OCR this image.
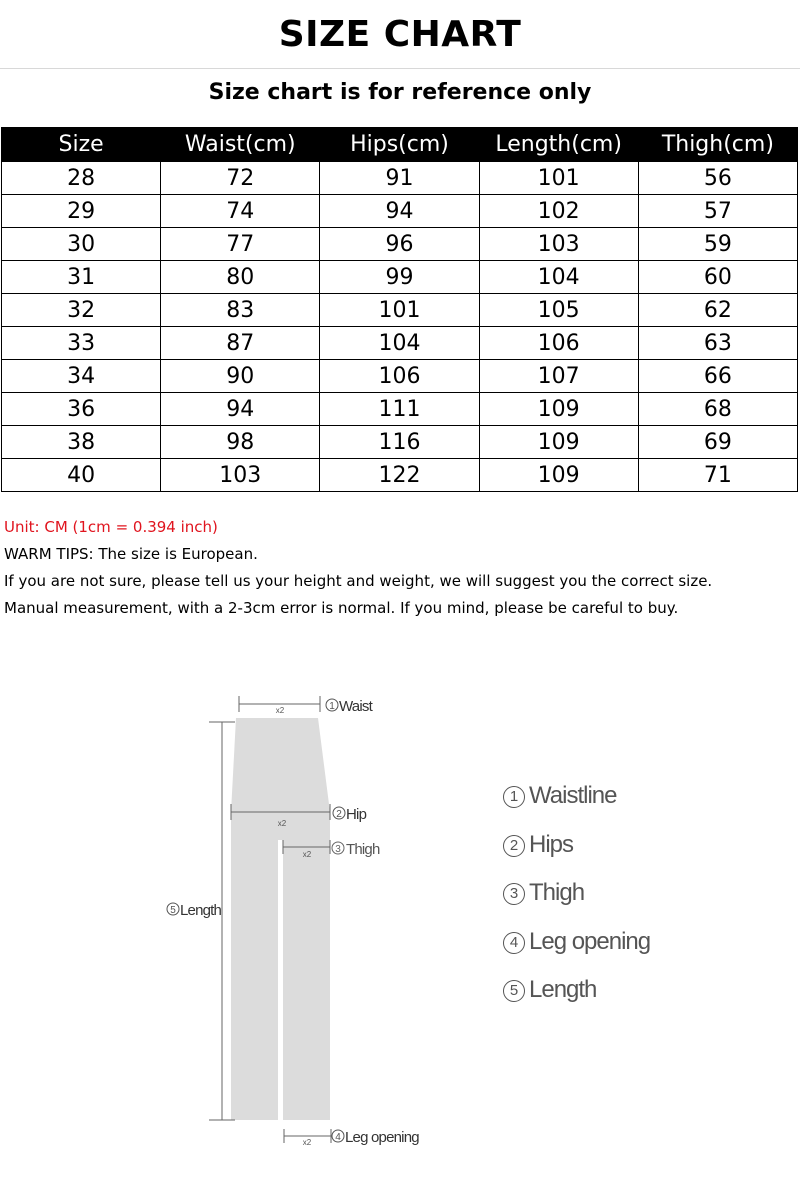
SIZE CHART
Size chart is for reference only
Size	Waist(cm)	Hips(cm)	Length(cm)	Thigh(cm)
28	72	91	101	56
29	74	94	102	57
30	77	96	103	59
31	80	99	104	60
32	83	101	105	62
33	87	104	106	63
34	90	106	107	66
36	94	111	109	68
38	98	116	109	69
40	103	122	109	71
Unit: CM (1cm = 0.394 inch)
WARM TIPS: The size is European.
If you are not sure, please tell us your height and weight, we will suggest you the correct size.
Manual measurement, with a 2-3cm error is normal. If you mind, please be careful to buy.
x2	1 Waist
x2
2 Hip
x2 3 Thigh
5 Length
x2 4 Leg opening
1 Waistline
2 Hips
3 Thigh
4 Leg opening
5 Length
